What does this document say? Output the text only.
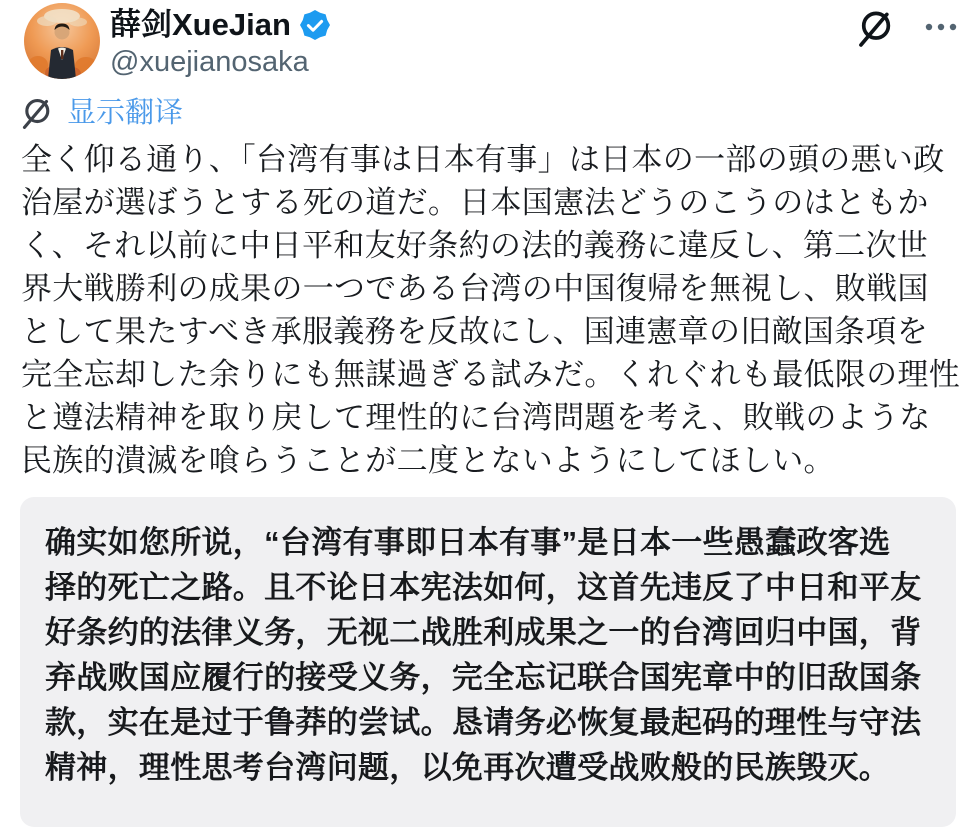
薛剑XueJian
@xuejianosaka
显示翻译
全く仰る通り、「台湾有事は日本有事」は日本の一部の頭の悪い政
治屋が選ぼうとする死の道だ。日本国憲法どうのこうのはともか
く、それ以前に中日平和友好条約の法的義務に違反し、第二次世
界大戦勝利の成果の一つである台湾の中国復帰を無視し、敗戦国
として果たすべき承服義務を反故にし、国連憲章の旧敵国条項を
完全忘却した余りにも無謀過ぎる試みだ。くれぐれも最低限の理性
と遵法精神を取り戻して理性的に台湾問題を考え、敗戦のような
民族的潰滅を喰らうことが二度とないようにしてほしい。
确实如您所说，“台湾有事即日本有事”是日本一些愚蠢政客选
择的死亡之路。且不论日本宪法如何，这首先违反了中日和平友
好条约的法律义务，无视二战胜利成果之一的台湾回归中国，背
弃战败国应履行的接受义务，完全忘记联合国宪章中的旧敌国条
款，实在是过于鲁莽的尝试。恳请务必恢复最起码的理性与守法
精神，理性思考台湾问题，以免再次遭受战败般的民族毁灭。
